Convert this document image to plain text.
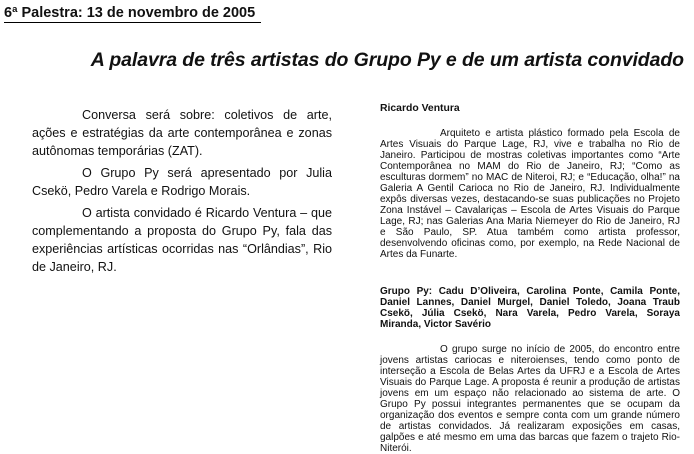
6ª Palestra: 13 de novembro de 2005
A palavra de três artistas do Grupo Py e de um artista convidado

Conversa será sobre: coletivos de arte, ações e estratégias da arte contemporânea e zonas autônomas temporárias (ZAT).

O Grupo Py será apresentado por Julia Csekö, Pedro Varela e Rodrigo Morais.

O artista convidado é Ricardo Ventura – que complementando a proposta do Grupo Py, fala das experiências artísticas ocorridas nas “Orlândias”, Rio de Janeiro, RJ.

Ricardo Ventura

Arquiteto e artista plástico formado pela Escola de Artes Visuais do Parque Lage, RJ, vive e trabalha no Rio de Janeiro. Participou de mostras coletivas importantes como “Arte Contemporânea no MAM do Rio de Janeiro, RJ; “Como as esculturas dormem” no MAC de Niteroi, RJ; e “Educação, olha!” na Galeria A Gentil Carioca no Rio de Janeiro, RJ. Individualmente expôs diversas vezes, destacando-se suas publicações no Projeto Zona Instável – Cavalariças – Escola de Artes Visuais do Parque Lage, RJ; nas Galerias Ana Maria Niemeyer do Rio de Janeiro, RJ e São Paulo, SP. Atua também como artista professor, desenvolvendo oficinas como, por exemplo, na Rede Nacional de Artes da Funarte.

Grupo Py: Cadu D’Oliveira, Carolina Ponte, Camila Ponte, Daniel Lannes, Daniel Murgel, Daniel Toledo, Joana Traub Csekö, Júlia Csekö, Nara Varela, Pedro Varela, Soraya Miranda, Victor Savério

O grupo surge no início de 2005, do encontro entre jovens artistas cariocas e niteroienses, tendo como ponto de interseção a Escola de Belas Artes da UFRJ e a Escola de Artes Visuais do Parque Lage. A proposta é reunir a produção de artistas jovens em um espaço não relacionado ao sistema de arte. O Grupo Py possui integrantes permanentes que se ocupam da organização dos eventos e sempre conta com um grande número de artistas convidados. Já realizaram exposições em casas, galpões e até mesmo em uma das barcas que fazem o trajeto Rio-Niterói.
